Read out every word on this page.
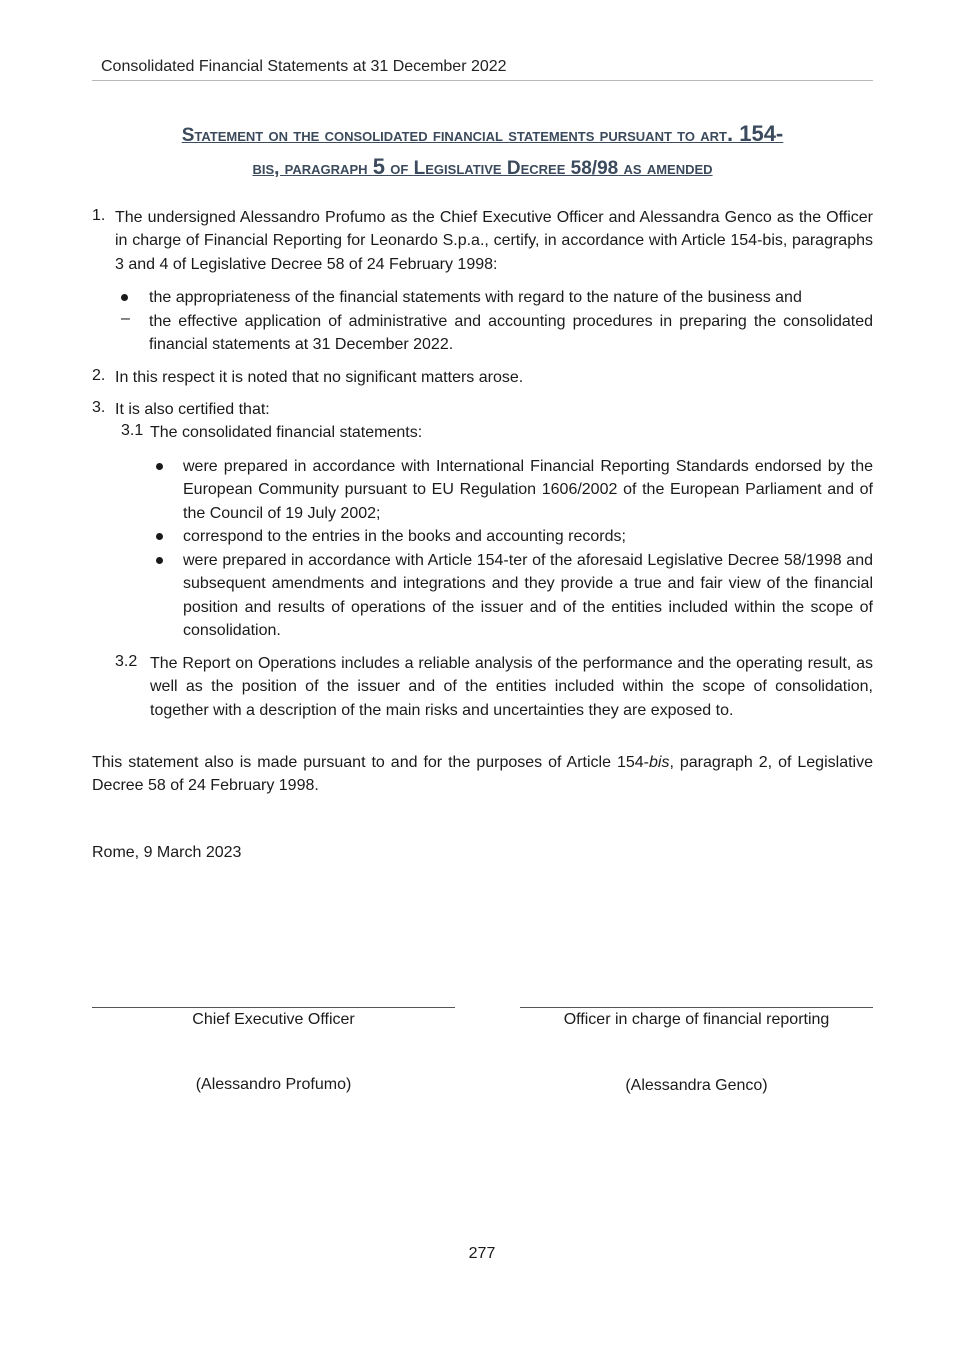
Consolidated Financial Statements at 31 December 2022
Statement on the consolidated financial statements pursuant to art. 154-
bis, paragraph 5 of Legislative Decree 58/98 as amended
1. The undersigned Alessandro Profumo as the Chief Executive Officer and Alessandra Genco as the Officer in charge of Financial Reporting for Leonardo S.p.a., certify, in accordance with Article 154-bis, paragraphs 3 and 4 of Legislative Decree 58 of 24 February 1998:
the appropriateness of the financial statements with regard to the nature of the business and
– the effective application of administrative and accounting procedures in preparing the consolidated financial statements at 31 December 2022.
2. In this respect it is noted that no significant matters arose.
3. It is also certified that:
3.1 The consolidated financial statements:
were prepared in accordance with International Financial Reporting Standards endorsed by the European Community pursuant to EU Regulation 1606/2002 of the European Parliament and of the Council of 19 July 2002;
correspond to the entries in the books and accounting records;
were prepared in accordance with Article 154-ter of the aforesaid Legislative Decree 58/1998 and subsequent amendments and integrations and they provide a true and fair view of the financial position and results of operations of the issuer and of the entities included within the scope of consolidation.
3.2 The Report on Operations includes a reliable analysis of the performance and the operating result, as well as the position of the issuer and of the entities included within the scope of consolidation, together with a description of the main risks and uncertainties they are exposed to.
This statement also is made pursuant to and for the purposes of Article 154-bis, paragraph 2, of Legislative Decree 58 of 24 February 1998.
Rome, 9 March 2023
Chief Executive Officer	Officer in charge of financial reporting
(Alessandro Profumo)	(Alessandra Genco)
277
